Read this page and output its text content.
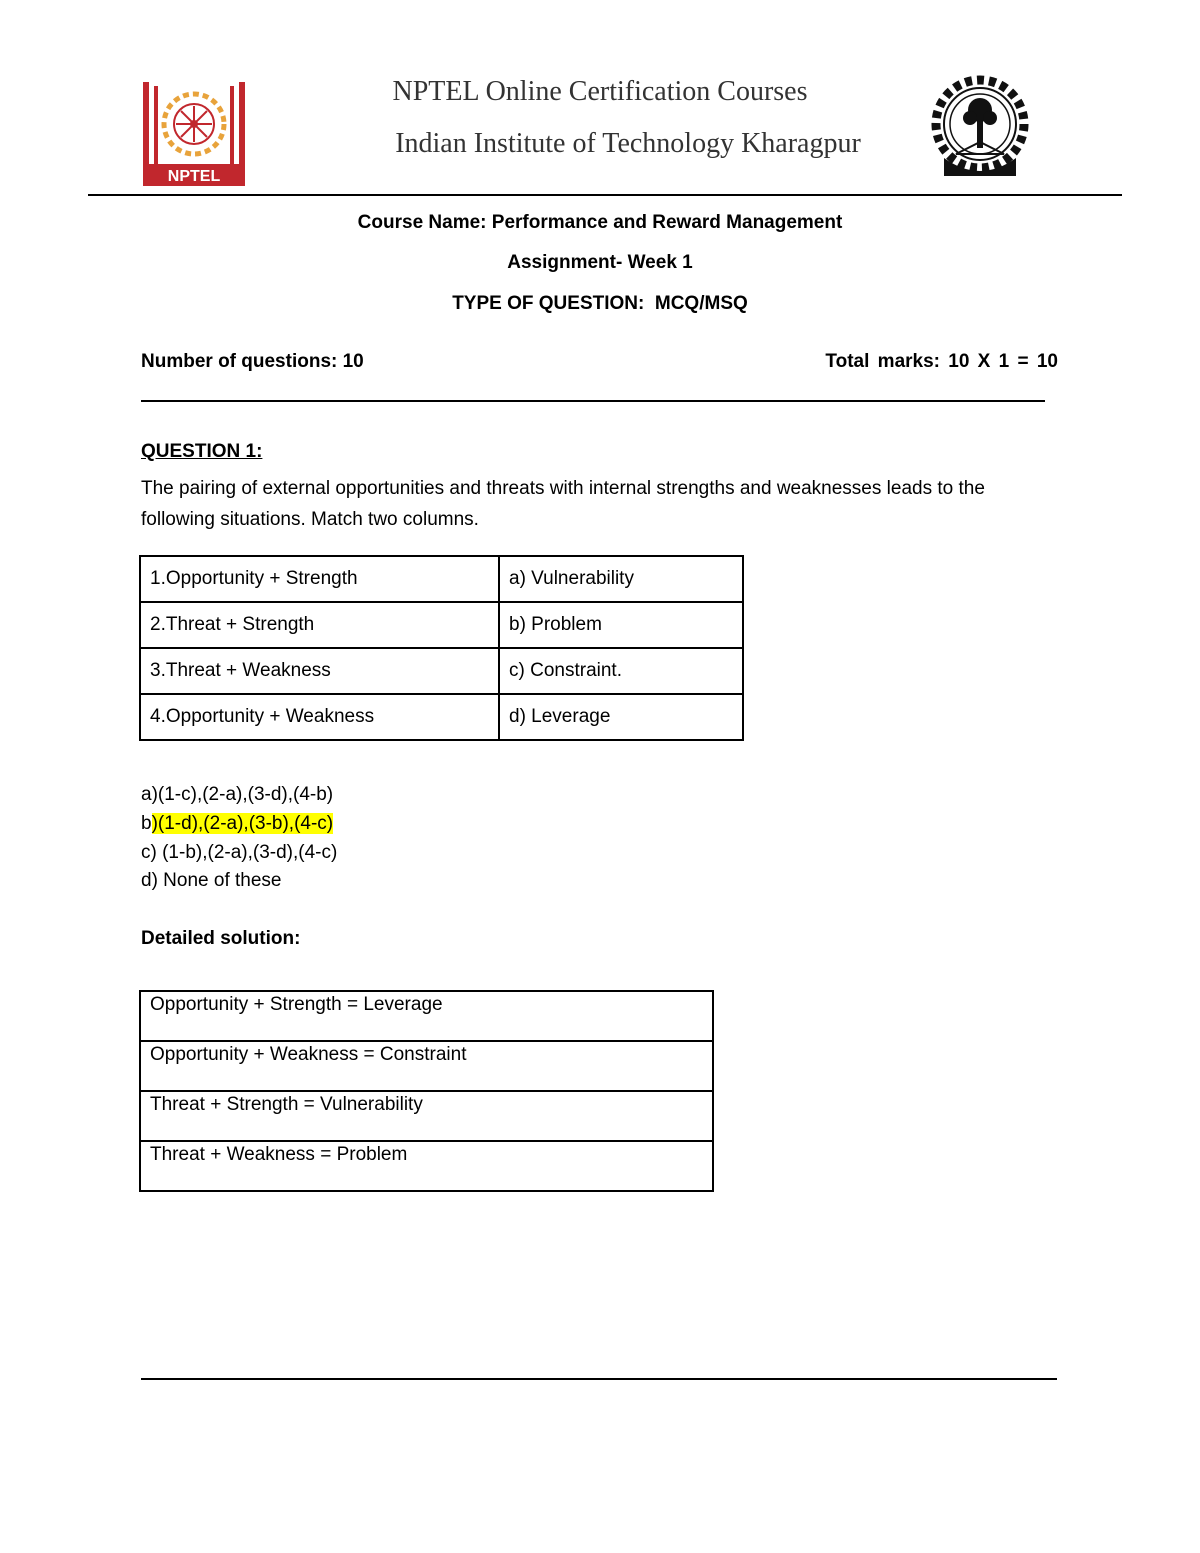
NPTEL
NPTEL Online Certification Courses
Indian Institute of Technology Kharagpur
Course Name: Performance and Reward Management
Assignment- Week 1
TYPE OF QUESTION:  MCQ/MSQ
Number of questions: 10	Total marks: 10 X 1 = 10
QUESTION 1:
The pairing of external opportunities and threats with internal strengths and weaknesses leads to the following situations. Match two columns.
1.Opportunity + Strength	a) Vulnerability
2.Threat + Strength	b) Problem
3.Threat + Weakness	c) Constraint.
4.Opportunity + Weakness	d) Leverage
a)(1-c),(2-a),(3-d),(4-b)
b)(1-d),(2-a),(3-b),(4-c)
c) (1-b),(2-a),(3-d),(4-c)
d) None of these
Detailed solution:
Opportunity + Strength = Leverage
Opportunity + Weakness = Constraint
Threat + Strength = Vulnerability
Threat + Weakness = Problem
